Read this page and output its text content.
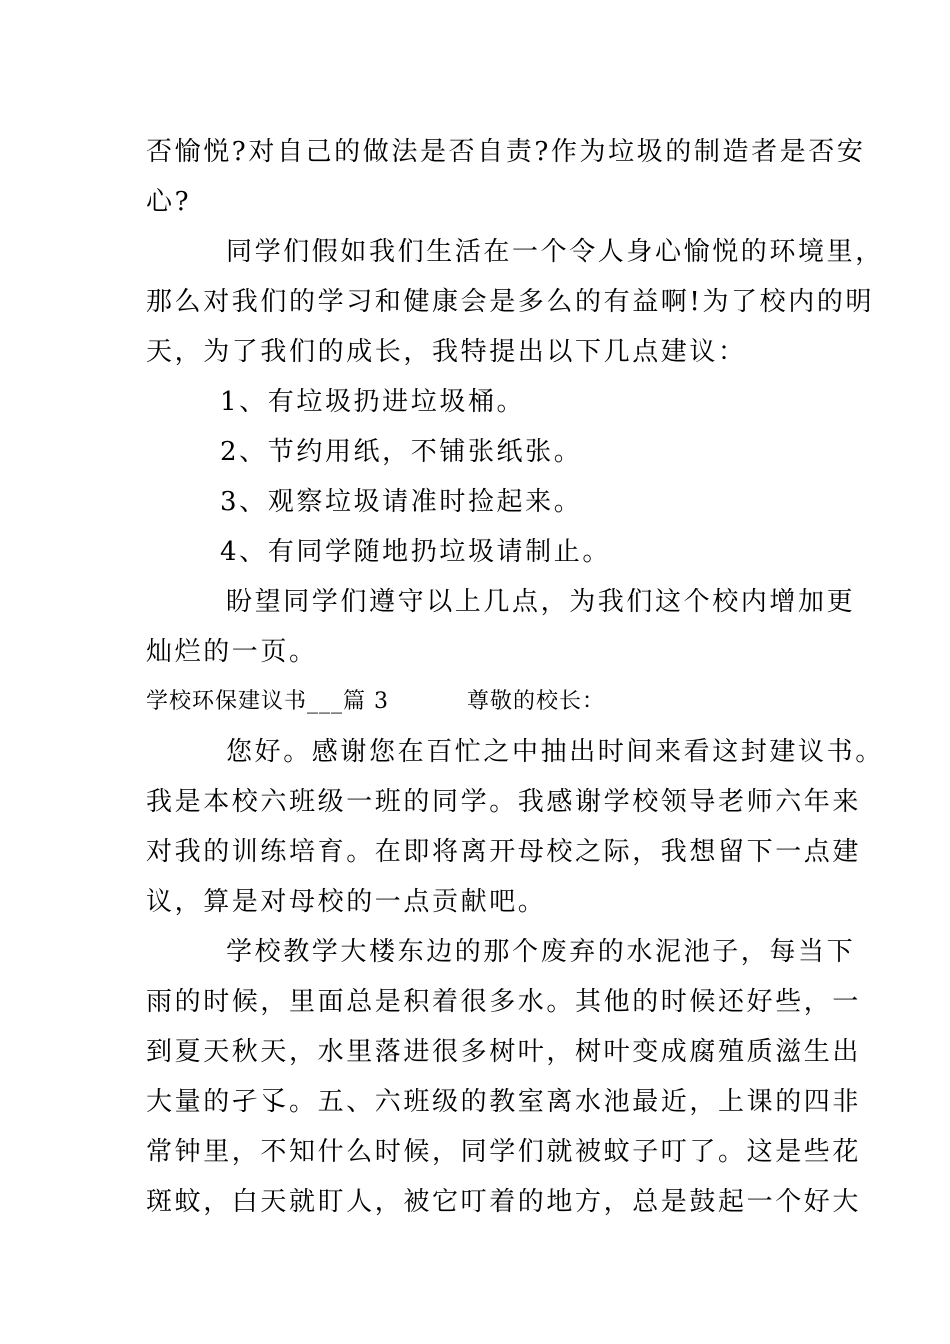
否愉悦?对自己的做法是否自责?作为垃圾的制造者是否安
心?
同学们假如我们生活在一个令人身心愉悦的环境里，
那么对我们的学习和健康会是多么的有益啊!为了校内的明
天，为了我们的成长，我特提出以下几点建议：
1、有垃圾扔进垃圾桶。
2、节约用纸，不铺张纸张。
3、观察垃圾请准时捡起来。
4、有同学随地扔垃圾请制止。
盼望同学们遵守以上几点，为我们这个校内增加更
灿烂的一页。
学校环保建议书___篇 3	尊敬的校长：
您好。感谢您在百忙之中抽出时间来看这封建议书。
我是本校六班级一班的同学。我感谢学校领导老师六年来
对我的训练培育。在即将离开母校之际，我想留下一点建
议，算是对母校的一点贡献吧。
学校教学大楼东边的那个废弃的水泥池子，每当下
雨的时候，里面总是积着很多水。其他的时候还好些，一
到夏天秋天，水里落进很多树叶，树叶变成腐殖质滋生出
大量的孑孓。五、六班级的教室离水池最近，上课的四非
常钟里，不知什么时候，同学们就被蚊子叮了。这是些花
斑蚊，白天就盯人，被它叮着的地方，总是鼓起一个好大
